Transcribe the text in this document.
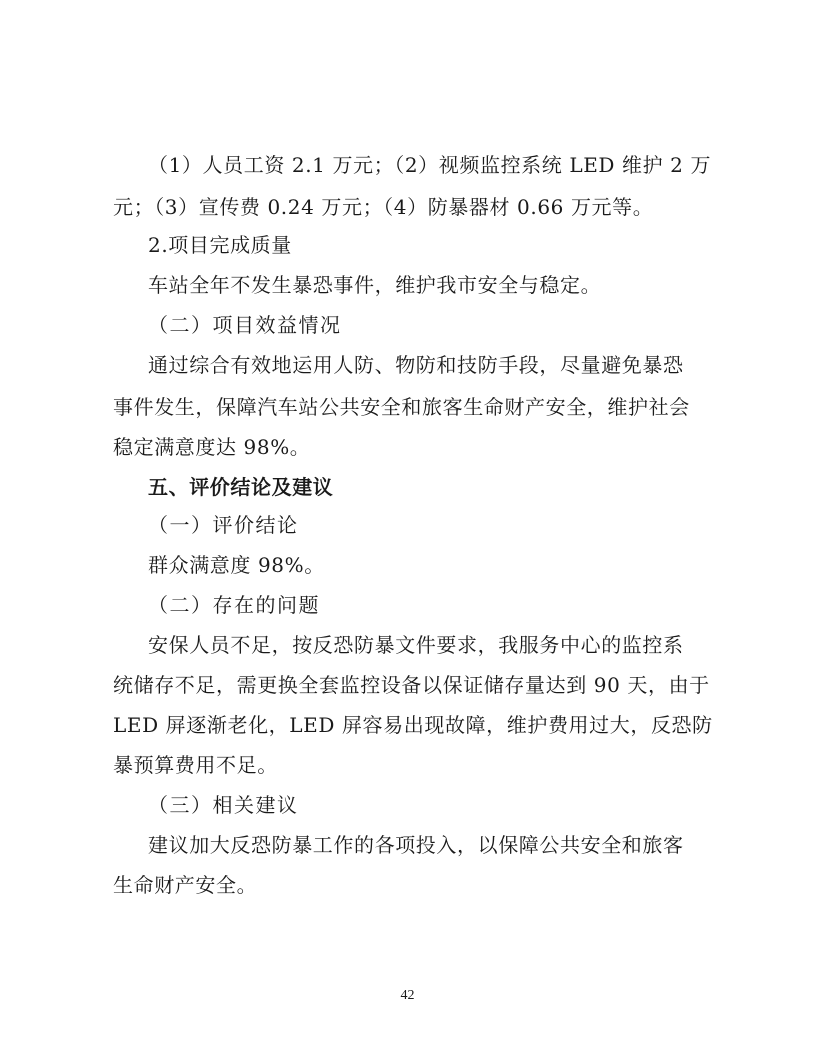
（1）人员工资 2.1 万元；（2）视频监控系统 LED 维护 2 万
元；（3）宣传费 0.24 万元；（4）防暴器材 0.66 万元等。
2.项目完成质量
车站全年不发生暴恐事件，维护我市安全与稳定。
（二）项目效益情况
通过综合有效地运用人防、物防和技防手段，尽量避免暴恐
事件发生，保障汽车站公共安全和旅客生命财产安全，维护社会
稳定满意度达 98%。
五、评价结论及建议
（一）评价结论
群众满意度 98%。
（二）存在的问题
安保人员不足，按反恐防暴文件要求，我服务中心的监控系
统储存不足，需更换全套监控设备以保证储存量达到 90 天，由于
LED 屏逐渐老化，LED 屏容易出现故障，维护费用过大，反恐防
暴预算费用不足。
（三）相关建议
建议加大反恐防暴工作的各项投入，以保障公共安全和旅客
生命财产安全。
42
